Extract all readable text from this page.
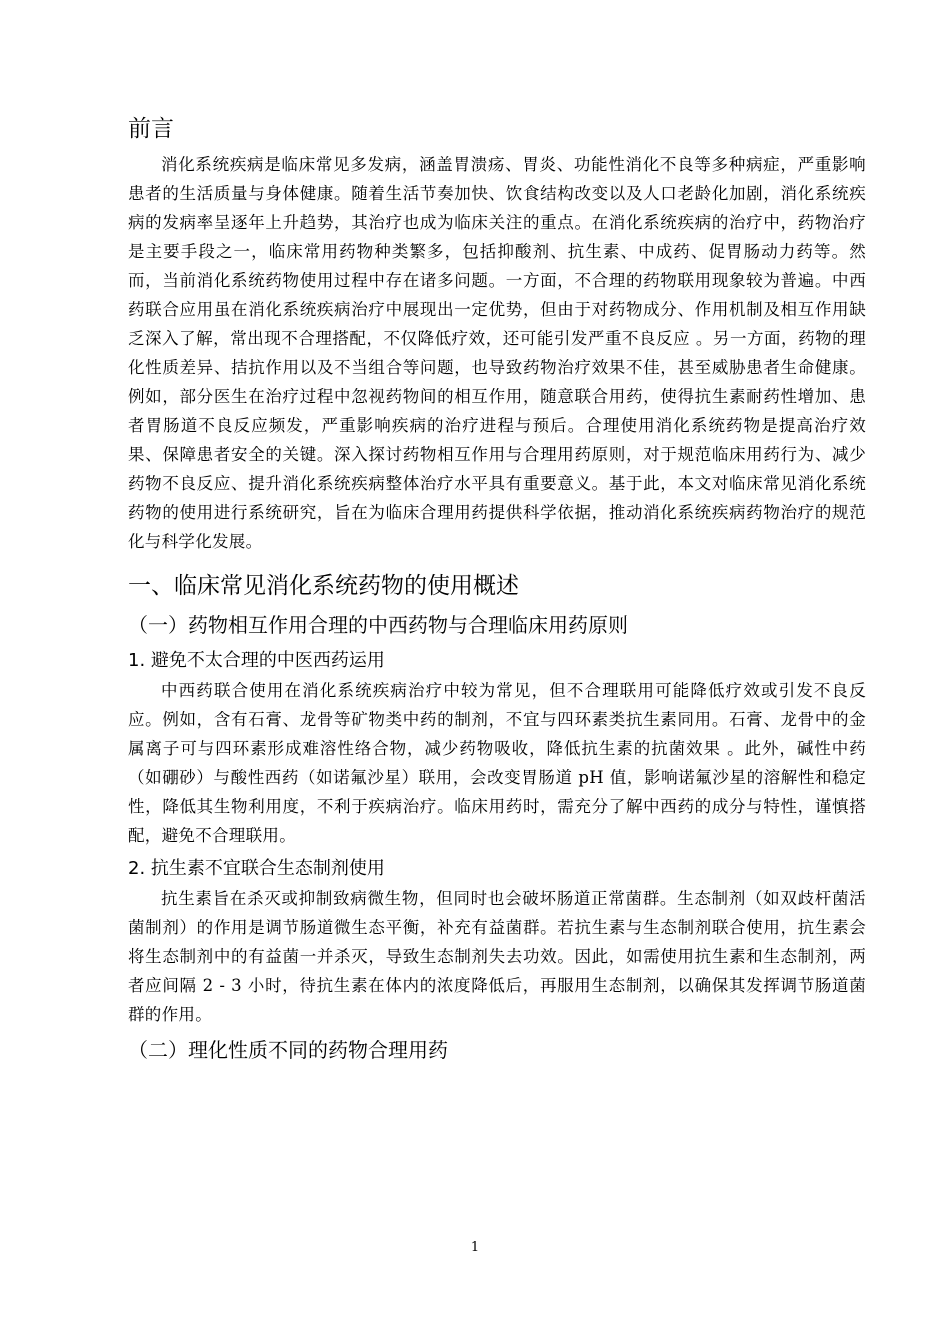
前言

消化系统疾病是临床常见多发病，涵盖胃溃疡、胃炎、功能性消化不良等多种病症，严重影响患者的生活质量与身体健康。随着生活节奏加快、饮食结构改变以及人口老龄化加剧，消化系统疾病的发病率呈逐年上升趋势，其治疗也成为临床关注的重点。在消化系统疾病的治疗中，药物治疗是主要手段之一，临床常用药物种类繁多，包括抑酸剂、抗生素、中成药、促胃肠动力药等。然而，当前消化系统药物使用过程中存在诸多问题。一方面，不合理的药物联用现象较为普遍。中西药联合应用虽在消化系统疾病治疗中展现出一定优势，但由于对药物成分、作用机制及相互作用缺乏深入了解，常出现不合理搭配，不仅降低疗效，还可能引发严重不良反应 。另一方面，药物的理化性质差异、拮抗作用以及不当组合等问题，也导致药物治疗效果不佳，甚至威胁患者生命健康。例如，部分医生在治疗过程中忽视药物间的相互作用，随意联合用药，使得抗生素耐药性增加、患者胃肠道不良反应频发，严重影响疾病的治疗进程与预后。合理使用消化系统药物是提高治疗效果、保障患者安全的关键。深入探讨药物相互作用与合理用药原则，对于规范临床用药行为、减少药物不良反应、提升消化系统疾病整体治疗水平具有重要意义。基于此，本文对临床常见消化系统药物的使用进行系统研究，旨在为临床合理用药提供科学依据，推动消化系统疾病药物治疗的规范化与科学化发展。

一、临床常见消化系统药物的使用概述
（一）药物相互作用合理的中西药物与合理临床用药原则
1. 避免不太合理的中医西药运用

中西药联合使用在消化系统疾病治疗中较为常见，但不合理联用可能降低疗效或引发不良反应。例如，含有石膏、龙骨等矿物类中药的制剂，不宜与四环素类抗生素同用。石膏、龙骨中的金属离子可与四环素形成难溶性络合物，减少药物吸收，降低抗生素的抗菌效果 。此外，碱性中药（如硼砂）与酸性西药（如诺氟沙星）联用，会改变胃肠道 pH 值，影响诺氟沙星的溶解性和稳定性，降低其生物利用度，不利于疾病治疗。临床用药时，需充分了解中西药的成分与特性，谨慎搭配，避免不合理联用。

2. 抗生素不宜联合生态制剂使用

抗生素旨在杀灭或抑制致病微生物，但同时也会破坏肠道正常菌群。生态制剂（如双歧杆菌活菌制剂）的作用是调节肠道微生态平衡，补充有益菌群。若抗生素与生态制剂联合使用，抗生素会将生态制剂中的有益菌一并杀灭，导致生态制剂失去功效。因此，如需使用抗生素和生态制剂，两者应间隔 2 - 3 小时，待抗生素在体内的浓度降低后，再服用生态制剂，以确保其发挥调节肠道菌群的作用。

（二）理化性质不同的药物合理用药
1
